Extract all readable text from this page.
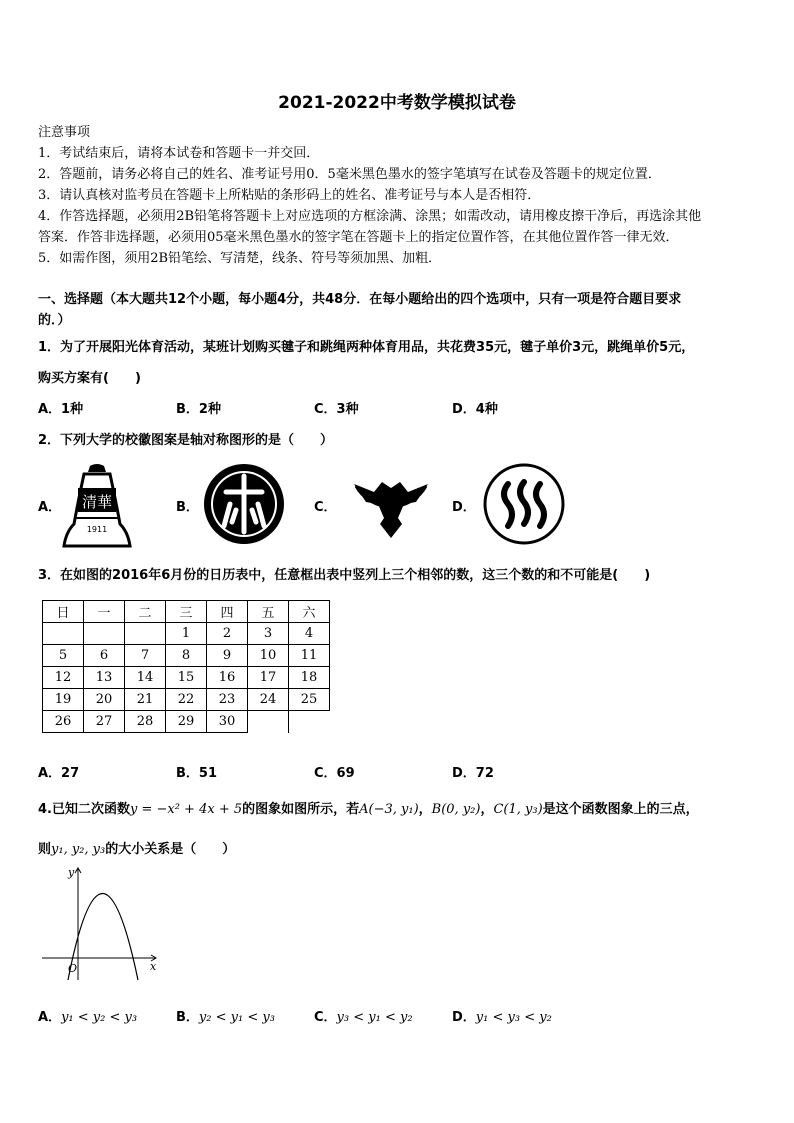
2021-2022中考数学模拟试卷
注意事项
1．考试结束后，请将本试卷和答题卡一并交回．
2．答题前，请务必将自己的姓名、准考证号用0．5毫米黑色墨水的签字笔填写在试卷及答题卡的规定位置．
3．请认真核对监考员在答题卡上所粘贴的条形码上的姓名、准考证号与本人是否相符．
4．作答选择题，必须用2B铅笔将答题卡上对应选项的方框涂满、涂黑；如需改动，请用橡皮擦干净后，再选涂其他
答案．作答非选择题，必须用05毫米黑色墨水的签字笔在答题卡上的指定位置作答，在其他位置作答一律无效．
5．如需作图，须用2B铅笔绘、写清楚，线条、符号等须加黑、加粗．
一、选择题（本大题共12个小题，每小题4分，共48分．在每小题给出的四个选项中，只有一项是符合题目要求
的．）
1．为了开展阳光体育活动，某班计划购买毽子和跳绳两种体育用品，共花费35元，毽子单价3元，跳绳单价5元，
购买方案有(　　)
A．1种	B．2种	C．3种	D．4种
2．下列大学的校徽图案是轴对称图形的是（　　）
A． 清華
1911
B．	C．	D．
3．在如图的2016年6月份的日历表中，任意框出表中竖列上三个相邻的数，这三个数的和不可能是(　　)
日	一	二	三	四	五	六
			1	2	3	4
5	6	7	8	9	10	11
12	13	14	15	16	17	18
19	20	21	22	23	24	25
26	27	28	29	30		
A．27	B．51	C．69	D．72
4.已知二次函数y = −x² + 4x + 5的图象如图所示，若A(−3, y₁)，B(0, y₂)，C(1, y₃)是这个函数图象上的三点，
则y₁, y₂, y₃的大小关系是（　　）
x
y
O
A．y₁ < y₂ < y₃	B．y₂ < y₁ < y₃	C．y₃ < y₁ < y₂	D．y₁ < y₃ < y₂
